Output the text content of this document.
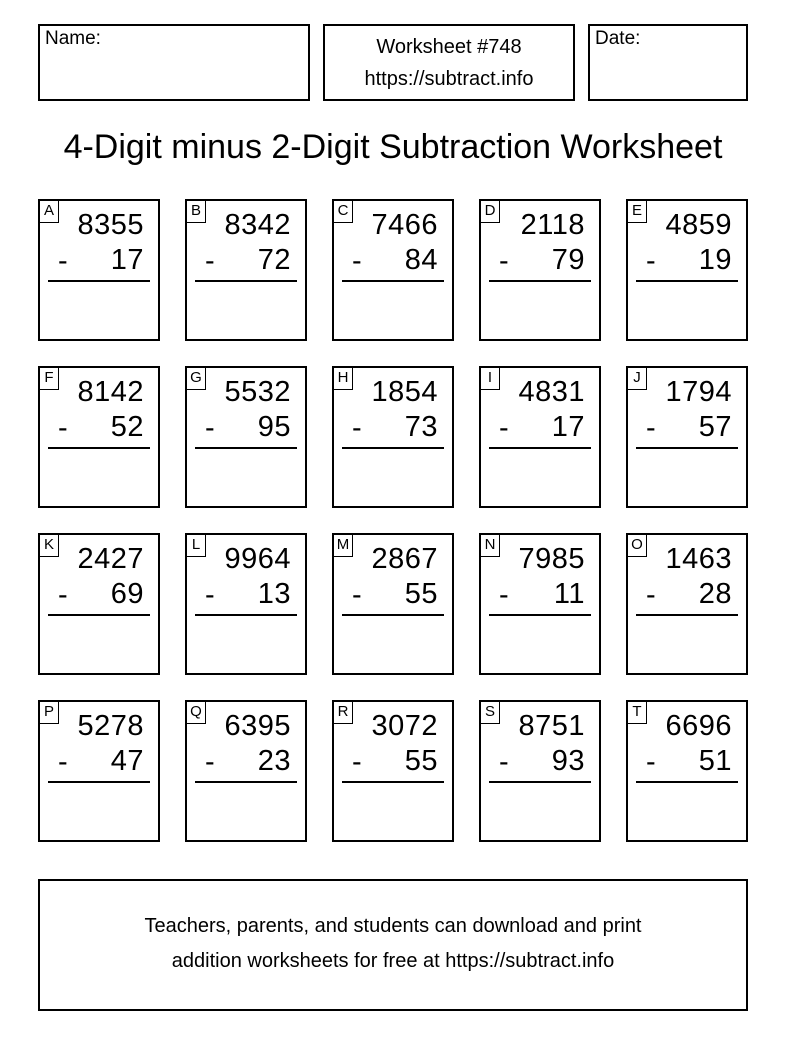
Name:	Worksheet #748
https://subtract.info
Date:
4-Digit minus 2-Digit Subtraction Worksheet
A 8355
- 17
B 8342
- 72
C 7466
- 84
D 2118
- 79
E 4859
- 19
F 8142
- 52
G 5532
- 95
H 1854
- 73
I 4831
- 17
J 1794
- 57
K 2427
- 69
L 9964
- 13
M 2867
- 55
N 7985
- 11
O 1463
- 28
P 5278
- 47
Q 6395
- 23
R 3072
- 55
S 8751
- 93
T 6696
- 51
Teachers, parents, and students can download and print
addition worksheets for free at https://subtract.info
